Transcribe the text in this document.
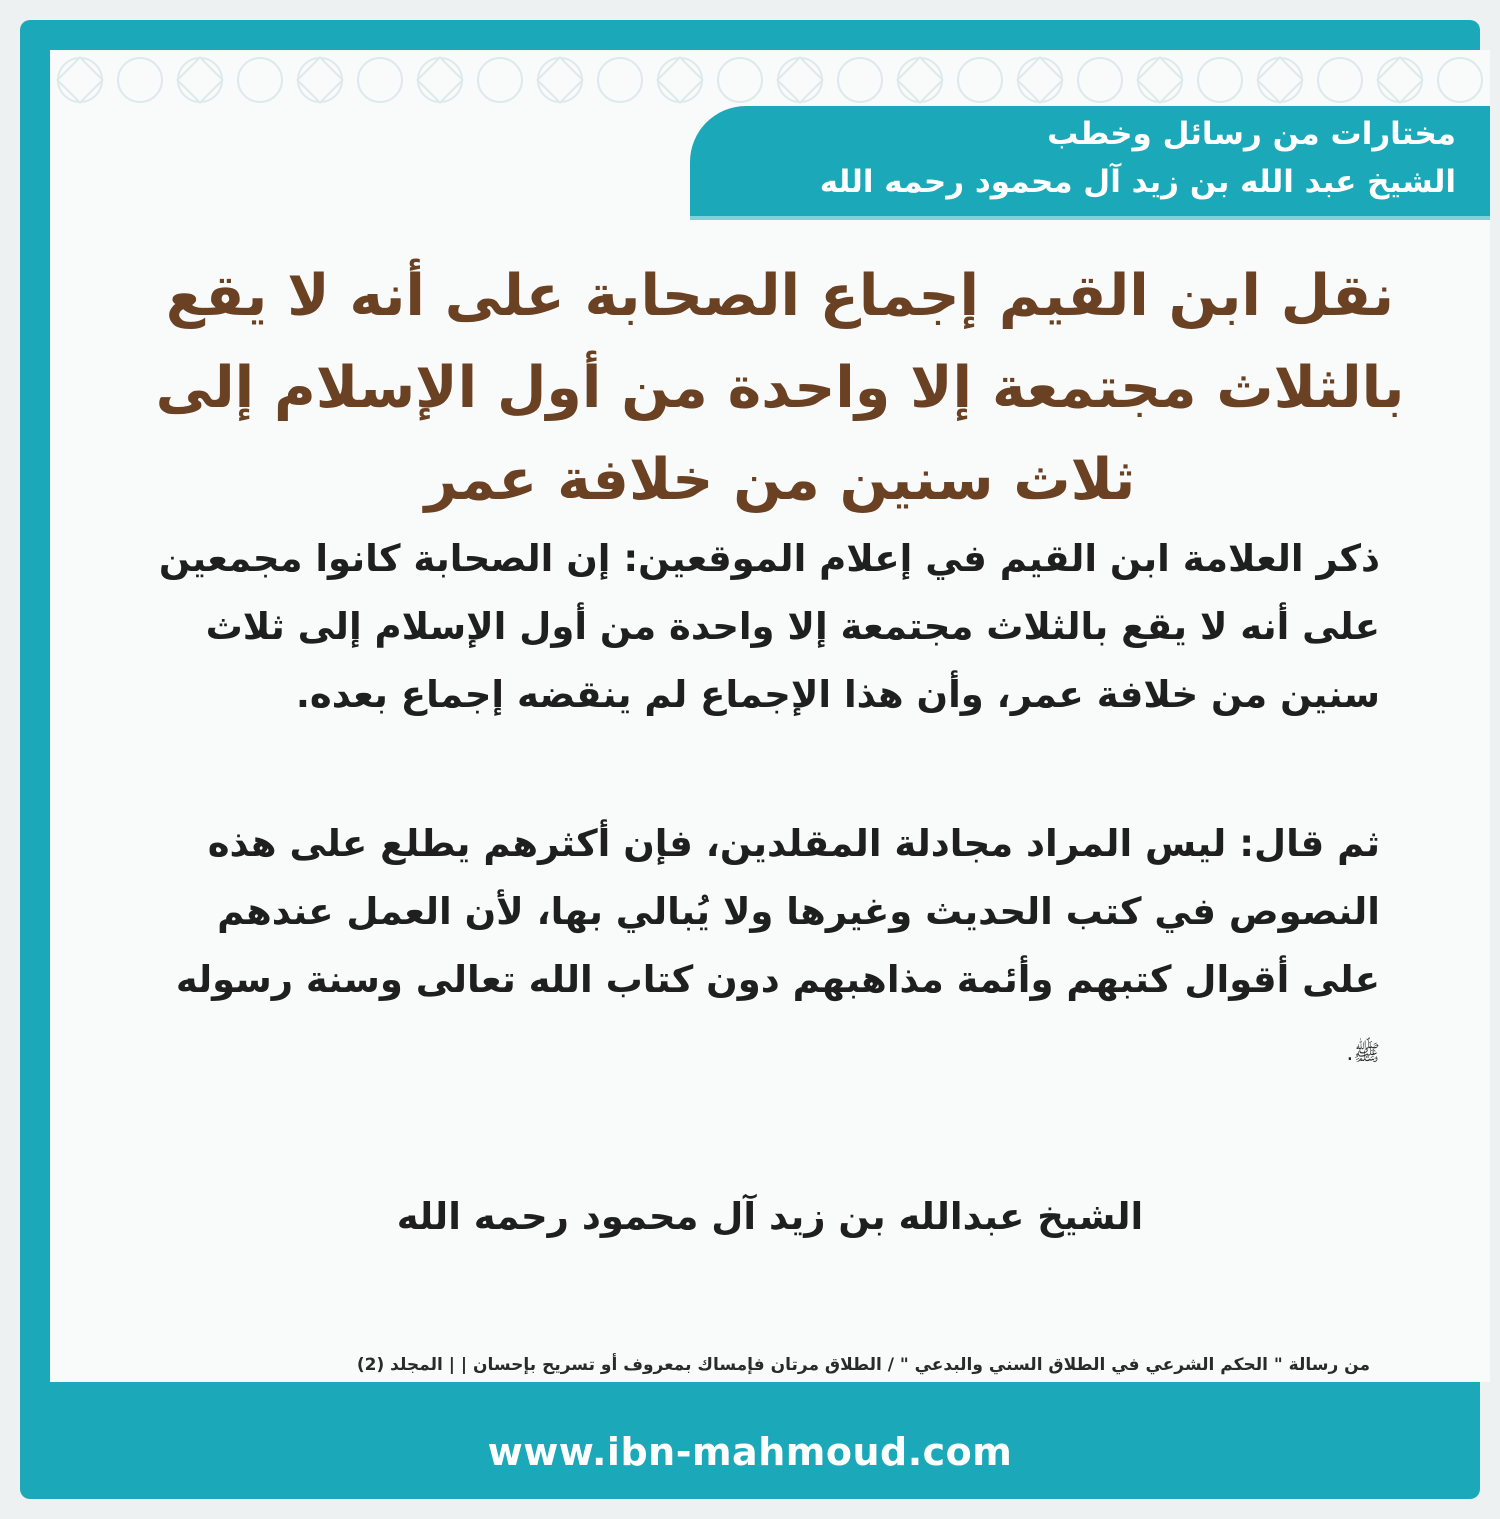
مختارات من رسائل وخطب
الشيخ عبد الله بن زيد آل محمود رحمه الله
نقل ابن القيم إجماع الصحابة على أنه لا يقع
بالثلاث مجتمعة إلا واحدة من أول الإسلام إلى
ثلاث سنين من خلافة عمر
ذكر العلامة ابن القيم في إعلام الموقعين: إن الصحابة كانوا مجمعين
على أنه لا يقع بالثلاث مجتمعة إلا واحدة من أول الإسلام إلى ثلاث
سنين من خلافة عمر، وأن هذا الإجماع لم ينقضه إجماع بعده.
ثم قال: ليس المراد مجادلة المقلدين، فإن أكثرهم يطلع على هذه
النصوص في كتب الحديث وغيرها ولا يُبالي بها، لأن العمل عندهم
على أقوال كتبهم وأئمة مذاهبهم دون كتاب الله تعالى وسنة رسوله
ﷺ.
الشيخ عبدالله بن زيد آل محمود رحمه الله
من رسالة " الحكم الشرعي في الطلاق السني والبدعي " / الطلاق مرتان فإمساك بمعروف أو تسريح بإحسان | | المجلد (2)
www.ibn-mahmoud.com
